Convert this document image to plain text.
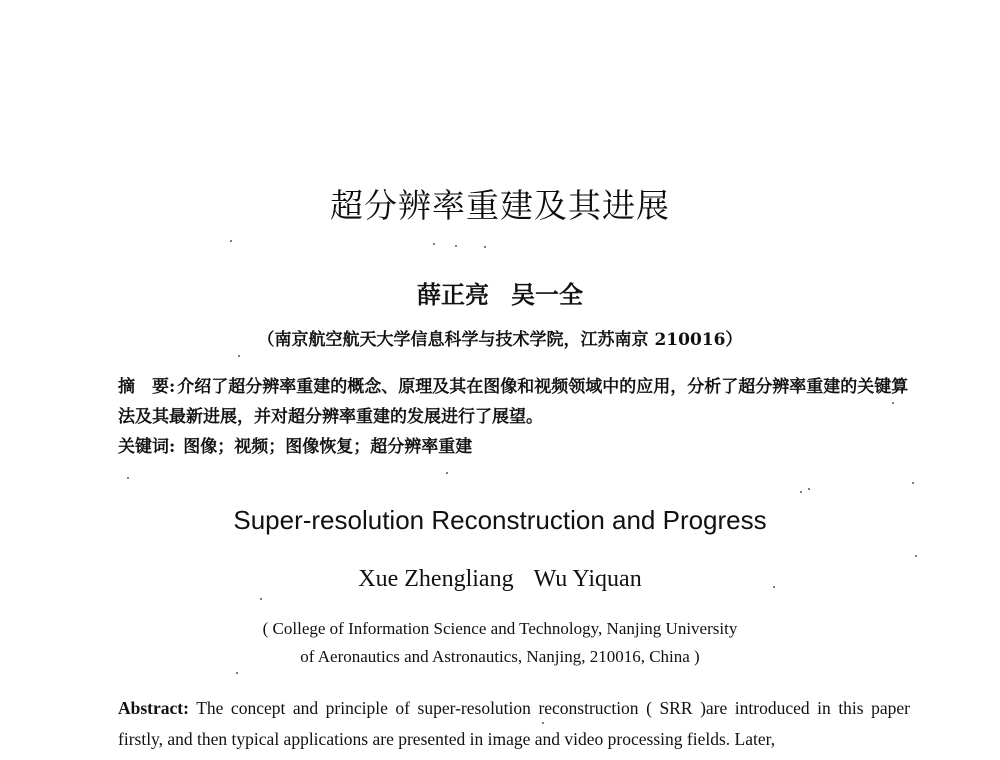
超分辨率重建及其进展
薛正亮 吴一全
（南京航空航天大学信息科学与技术学院，江苏南京 210016）
摘　要: 介绍了超分辨率重建的概念、原理及其在图像和视频领域中的应用，分析了超分辨率重建的关键算法及其最新进展，并对超分辨率重建的发展进行了展望。
关键词: 图像；视频；图像恢复；超分辨率重建
Super-resolution Reconstruction and Progress
Xue Zhengliang Wu Yiquan
( College of Information Science and Technology, Nanjing University
of Aeronautics and Astronautics, Nanjing, 210016, China )
Abstract: The concept and principle of super-resolution reconstruction ( SRR )are introduced in this paper firstly, and then typical applications are presented in image and video processing fields. Later,
